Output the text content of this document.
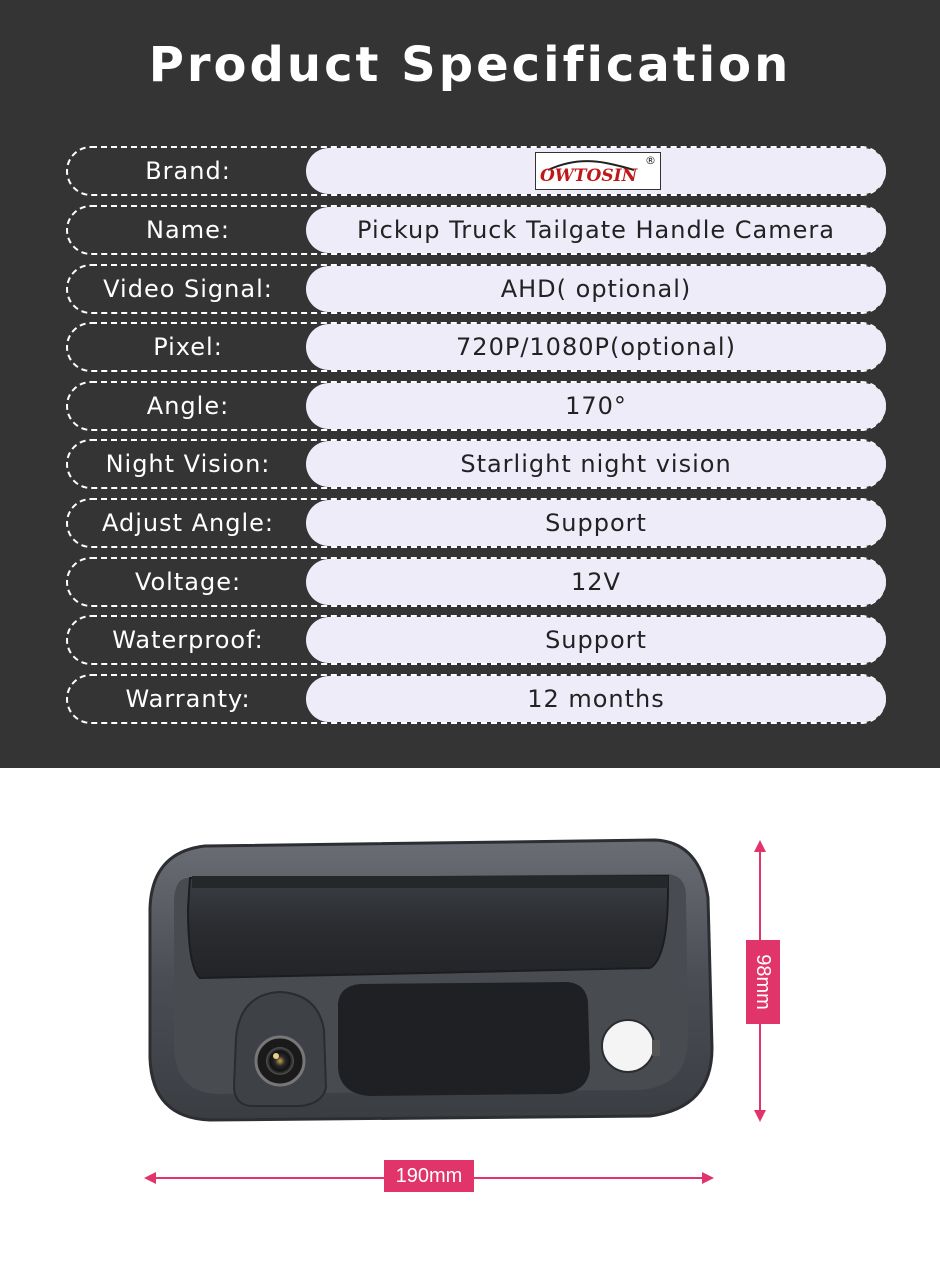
Product Specification
Brand:	OWTOSIN
®
Name:	Pickup Truck Tailgate Handle Camera
Video Signal:	AHD( optional)
Pixel:	720P/1080P(optional)
Angle:	170°
Night Vision:	Starlight night vision
Adjust Angle:	Support
Voltage:	12V
Waterproof:	Support
Warranty:	12 months
190mm
98mm
